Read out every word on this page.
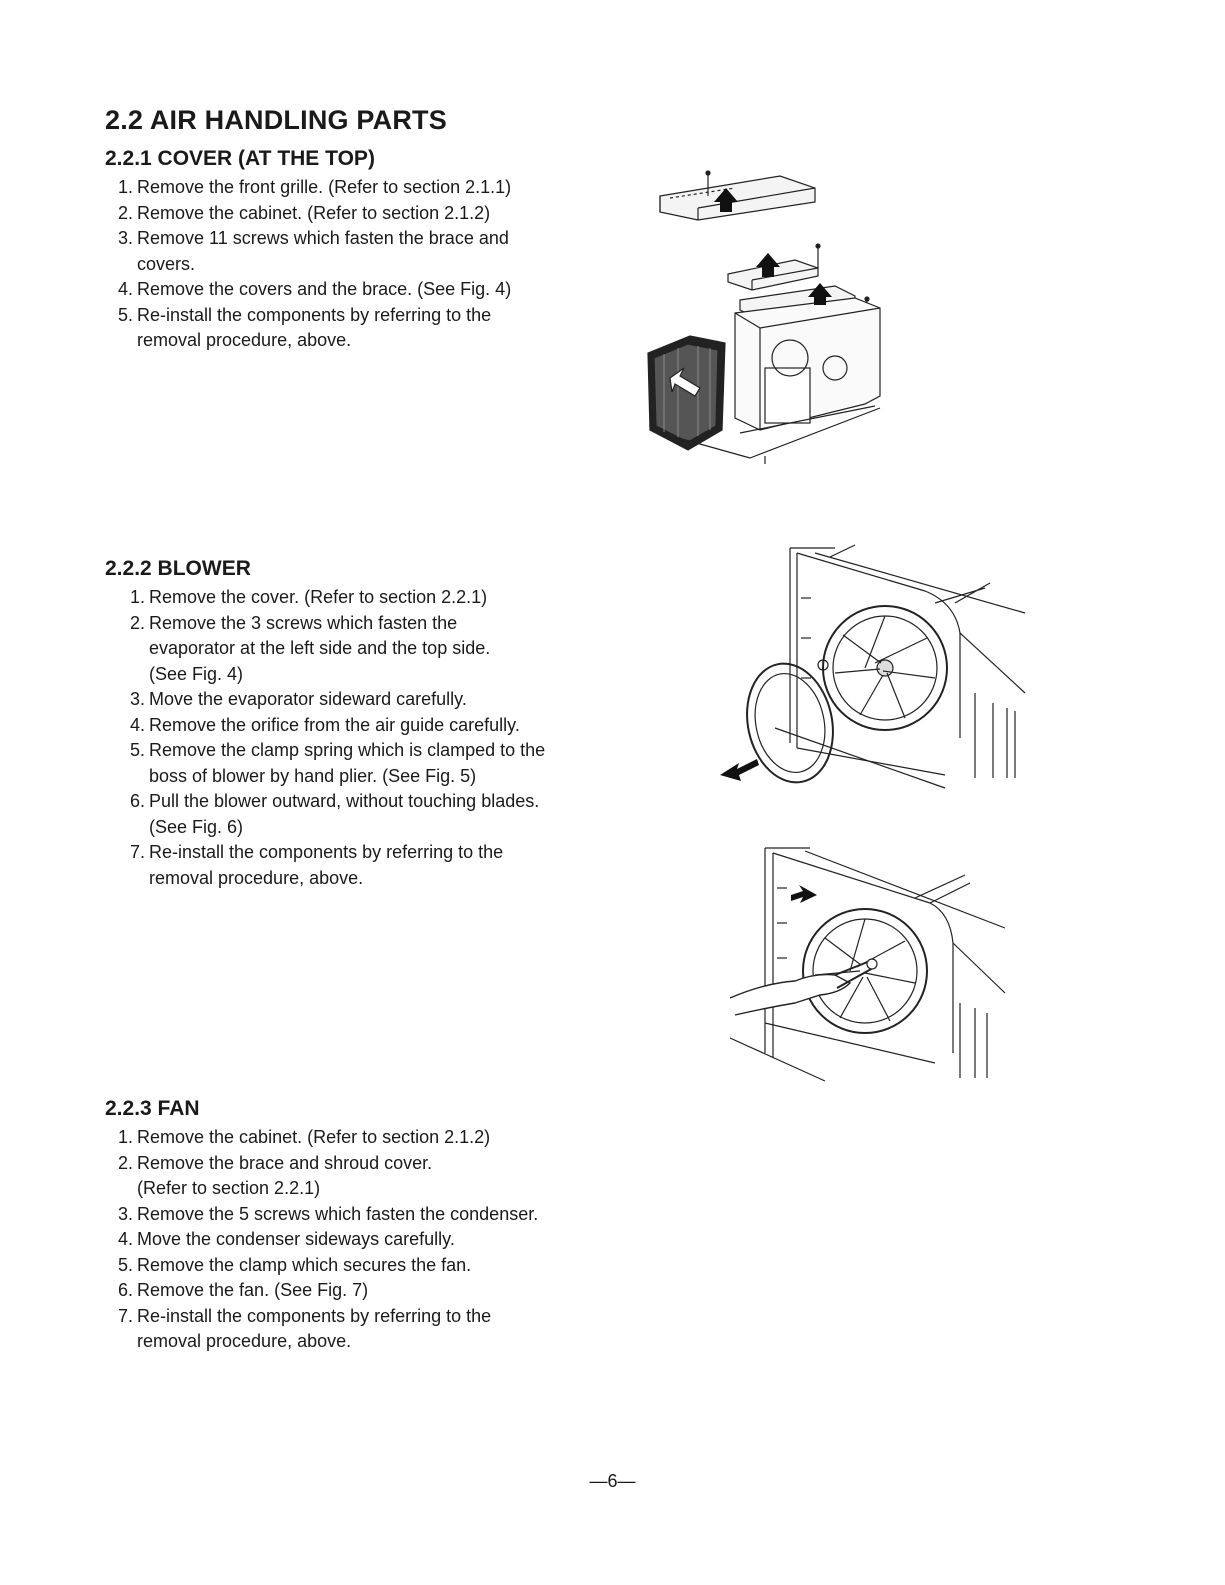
2.2 AIR HANDLING PARTS
2.2.1 COVER (AT THE TOP)
1. Remove the front grille. (Refer to section 2.1.1)
2. Remove the cabinet. (Refer to section 2.1.2)
3. Remove 11 screws which fasten the brace and
covers.
4. Remove the covers and the brace. (See Fig. 4)
5. Re-install the components by referring to the
removal procedure, above.
2.2.2 BLOWER
1. Remove the cover. (Refer to section 2.2.1)
2. Remove the 3 screws which fasten the
evaporator at the left side and the top side.
(See Fig. 4)
3. Move the evaporator sideward carefully.
4. Remove the orifice from the air guide carefully.
5. Remove the clamp spring which is clamped to the
boss of blower by hand plier. (See Fig. 5)
6. Pull the blower outward, without touching blades.
(See Fig. 6)
7. Re-install the components by referring to the
removal procedure, above.
2.2.3 FAN
1. Remove the cabinet. (Refer to section 2.1.2)
2. Remove the brace and shroud cover.
(Refer to section 2.2.1)
3. Remove the 5 screws which fasten the condenser.
4. Move the condenser sideways carefully.
5. Remove the clamp which secures the fan.
6. Remove the fan. (See Fig. 7)
7. Re-install the components by referring to the
removal procedure, above.

—6—
